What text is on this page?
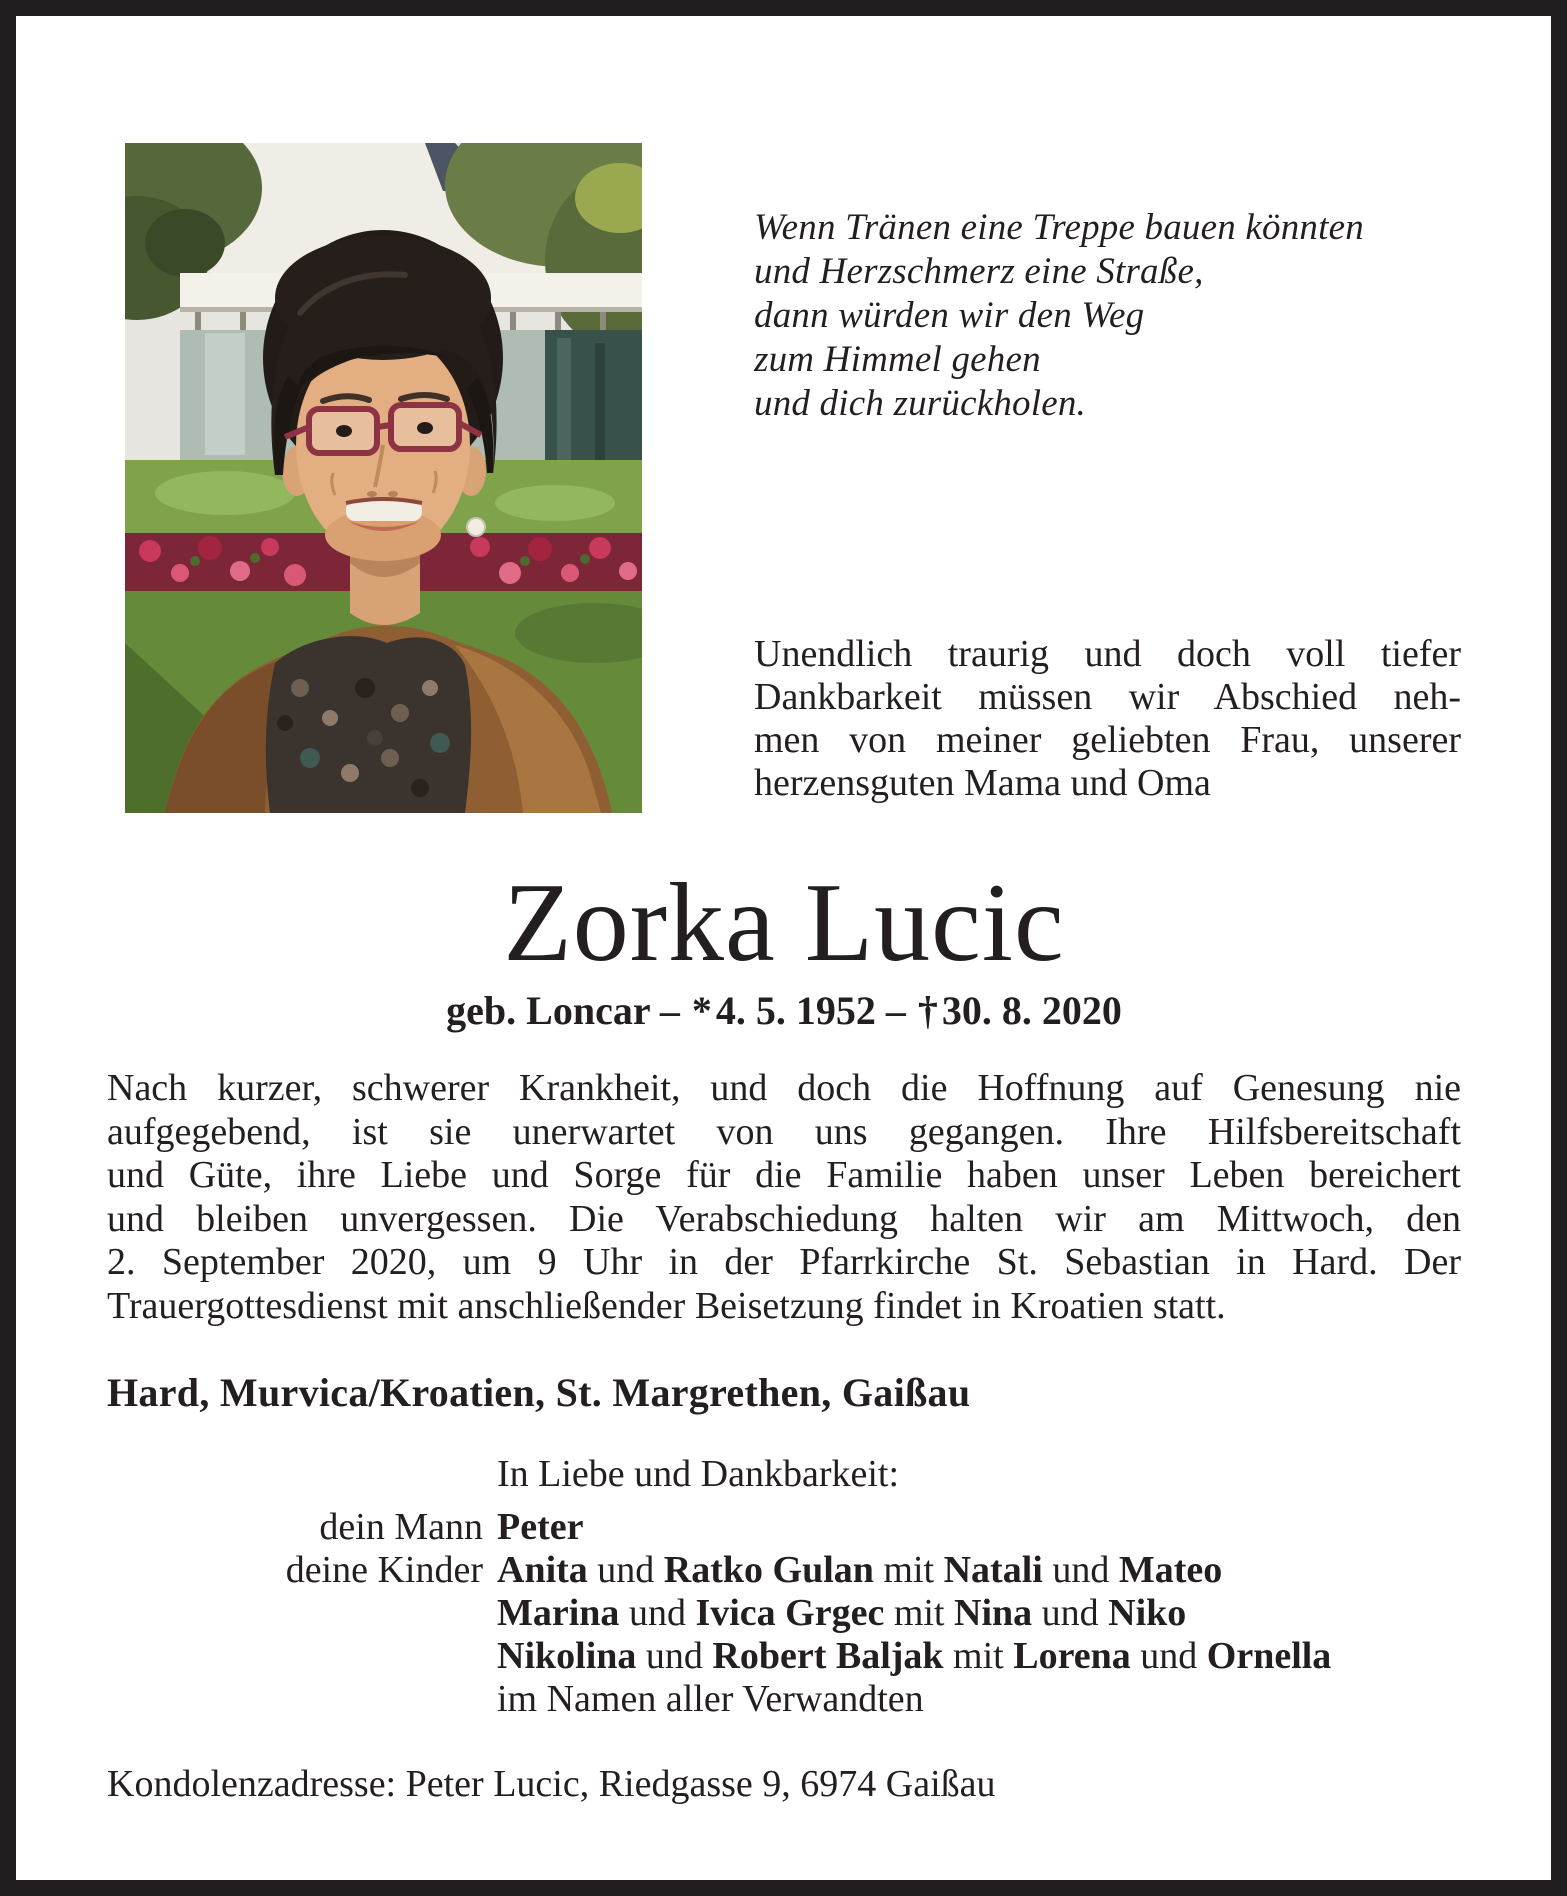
Wenn Tränen eine Treppe bauen könnten
und Herzschmerz eine Straße,
dann würden wir den Weg
zum Himmel gehen
und dich zurückholen.
Unendlich traurig und doch voll tiefer
Dankbarkeit müssen wir Abschied neh-
men von meiner geliebten Frau, unserer
herzensguten Mama und Oma
Zorka Lucic
geb. Loncar – * 4. 5. 1952 – † 30. 8. 2020
Nach kurzer, schwerer Krankheit, und doch die Hoffnung auf Genesung nie
aufgegebend, ist sie unerwartet von uns gegangen. Ihre Hilfsbereitschaft
und Güte, ihre Liebe und Sorge für die Familie haben unser Leben bereichert
und bleiben unvergessen. Die Verabschiedung halten wir am Mittwoch, den
2. September 2020, um 9 Uhr in der Pfarrkirche St. Sebastian in Hard. Der
Trauergottesdienst mit anschließender Beisetzung findet in Kroatien statt.
Hard, Murvica/Kroatien, St. Margrethen, Gaißau
In Liebe und Dankbarkeit:
dein Mann Peter
deine Kinder Anita und Ratko Gulan mit Natali und Mateo
Marina und Ivica Grgec mit Nina und Niko
Nikolina und Robert Baljak mit Lorena und Ornella
im Namen aller Verwandten
Kondolenzadresse: Peter Lucic, Riedgasse 9, 6974 Gaißau
